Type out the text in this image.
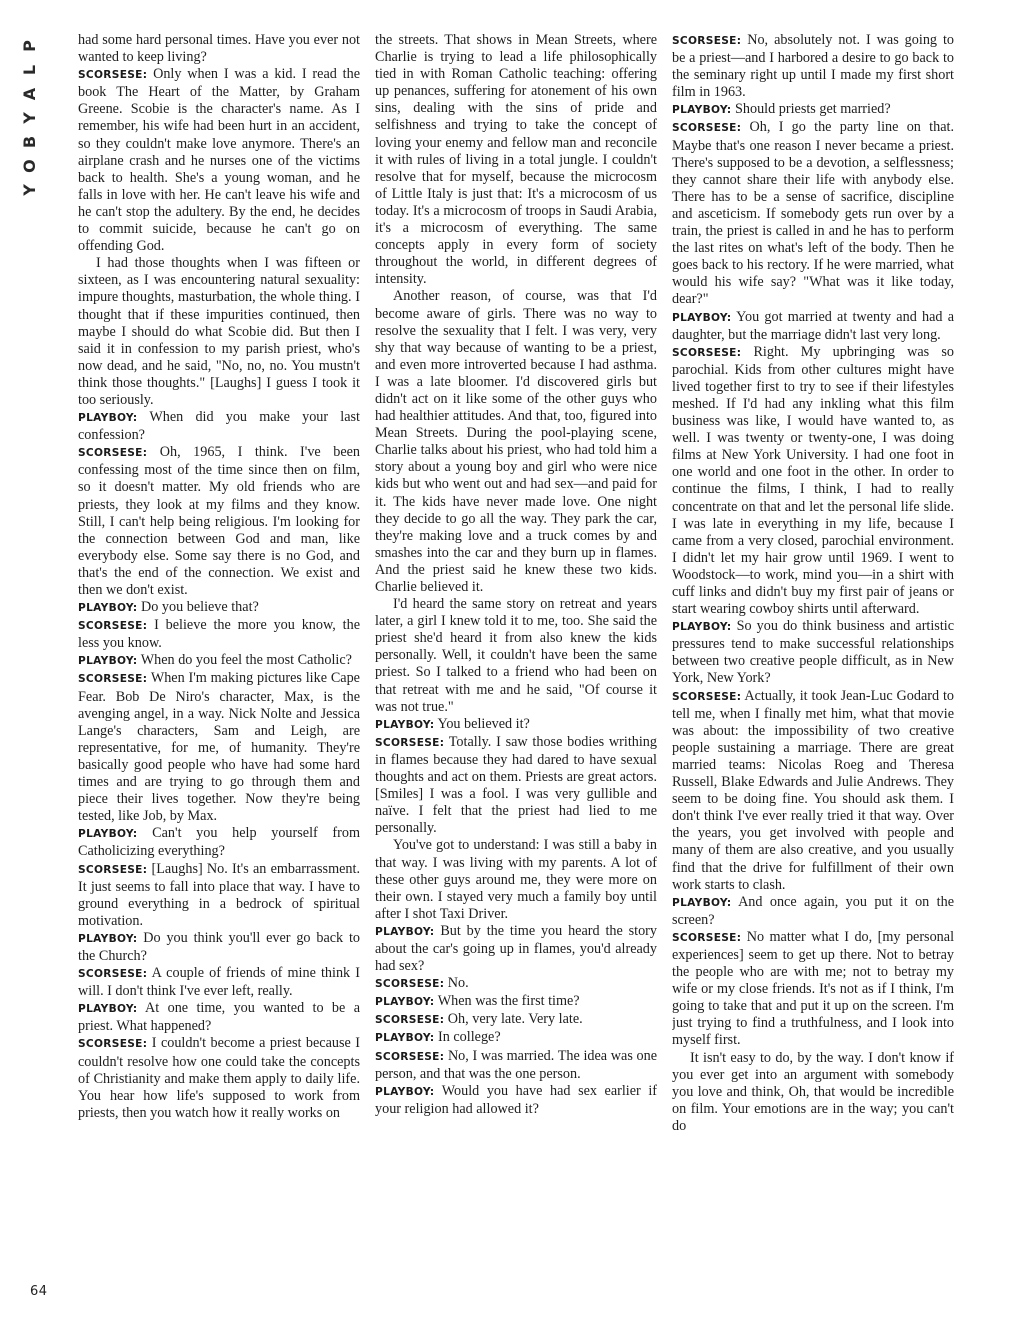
P
L
A
Y
B
O
Y
64

had some hard personal times. Have you ever not wanted to keep living?

SCORSESE: Only when I was a kid. I read the book The Heart of the Matter, by Graham Greene. Scobie is the character's name. As I remember, his wife had been hurt in an accident, so they couldn't make love anymore. There's an airplane crash and he nurses one of the victims back to health. She's a young woman, and he falls in love with her. He can't leave his wife and he can't stop the adultery. By the end, he decides to commit suicide, because he can't go on offending God.

I had those thoughts when I was fifteen or sixteen, as I was encountering natural sexuality: impure thoughts, masturbation, the whole thing. I thought that if these impurities continued, then maybe I should do what Scobie did. But then I said it in confession to my parish priest, who's now dead, and he said, "No, no, no. You mustn't think those thoughts." [Laughs] I guess I took it too seriously.

PLAYBOY: When did you make your last confession?

SCORSESE: Oh, 1965, I think. I've been confessing most of the time since then on film, so it doesn't matter. My old friends who are priests, they look at my films and they know. Still, I can't help being religious. I'm looking for the connection between God and man, like everybody else. Some say there is no God, and that's the end of the connection. We exist and then we don't exist.

PLAYBOY: Do you believe that?

SCORSESE: I believe the more you know, the less you know.

PLAYBOY: When do you feel the most Catholic?

SCORSESE: When I'm making pictures like Cape Fear. Bob De Niro's character, Max, is the avenging angel, in a way. Nick Nolte and Jessica Lange's characters, Sam and Leigh, are representative, for me, of humanity. They're basically good people who have had some hard times and are trying to go through them and piece their lives together. Now they're being tested, like Job, by Max.

PLAYBOY: Can't you help yourself from Catholicizing everything?

SCORSESE: [Laughs] No. It's an embarrassment. It just seems to fall into place that way. I have to ground everything in a bedrock of spiritual motivation.

PLAYBOY: Do you think you'll ever go back to the Church?

SCORSESE: A couple of friends of mine think I will. I don't think I've ever left, really.

PLAYBOY: At one time, you wanted to be a priest. What happened?

SCORSESE: I couldn't become a priest because I couldn't resolve how one could take the concepts of Christianity and make them apply to daily life. You hear how life's supposed to work from priests, then you watch how it really works on

the streets. That shows in Mean Streets, where Charlie is trying to lead a life philosophically tied in with Roman Catholic teaching: offering up penances, suffering for atonement of his own sins, dealing with the sins of pride and selfishness and trying to take the concept of loving your enemy and fellow man and reconcile it with rules of living in a total jungle. I couldn't resolve that for myself, because the microcosm of Little Italy is just that: It's a microcosm of us today. It's a microcosm of troops in Saudi Arabia, it's a microcosm of everything. The same concepts apply in every form of society throughout the world, in different degrees of intensity.

Another reason, of course, was that I'd become aware of girls. There was no way to resolve the sexuality that I felt. I was very, very shy that way because of wanting to be a priest, and even more introverted because I had asthma. I was a late bloomer. I'd discovered girls but didn't act on it like some of the other guys who had healthier attitudes. And that, too, figured into Mean Streets. During the pool-playing scene, Charlie talks about his priest, who had told him a story about a young boy and girl who were nice kids but who went out and had sex—and paid for it. The kids have never made love. One night they decide to go all the way. They park the car, they're making love and a truck comes by and smashes into the car and they burn up in flames. And the priest said he knew these two kids. Charlie believed it.

I'd heard the same story on retreat and years later, a girl I knew told it to me, too. She said the priest she'd heard it from also knew the kids personally. Well, it couldn't have been the same priest. So I talked to a friend who had been on that retreat with me and he said, "Of course it was not true."

PLAYBOY: You believed it?

SCORSESE: Totally. I saw those bodies writhing in flames because they had dared to have sexual thoughts and act on them. Priests are great actors. [Smiles] I was a fool. I was very gullible and naïve. I felt that the priest had lied to me personally.

You've got to understand: I was still a baby in that way. I was living with my parents. A lot of these other guys around me, they were more on their own. I stayed very much a family boy until after I shot Taxi Driver.

PLAYBOY: But by the time you heard the story about the car's going up in flames, you'd already had sex?

SCORSESE: No.

PLAYBOY: When was the first time?

SCORSESE: Oh, very late. Very late.

PLAYBOY: In college?

SCORSESE: No, I was married. The idea was one person, and that was the one person.

PLAYBOY: Would you have had sex earlier if your religion had allowed it?

SCORSESE: No, absolutely not. I was going to be a priest—and I harbored a desire to go back to the seminary right up until I made my first short film in 1963.

PLAYBOY: Should priests get married?

SCORSESE: Oh, I go the party line on that. Maybe that's one reason I never became a priest. There's supposed to be a devotion, a selflessness; they cannot share their life with anybody else. There has to be a sense of sacrifice, discipline and asceticism. If somebody gets run over by a train, the priest is called in and he has to perform the last rites on what's left of the body. Then he goes back to his rectory. If he were married, what would his wife say? "What was it like today, dear?"

PLAYBOY: You got married at twenty and had a daughter, but the marriage didn't last very long.

SCORSESE: Right. My upbringing was so parochial. Kids from other cultures might have lived together first to try to see if their lifestyles meshed. If I'd had any inkling what this film business was like, I would have wanted to, as well. I was twenty or twenty-one, I was doing films at New York University. I had one foot in one world and one foot in the other. In order to continue the films, I think, I had to really concentrate on that and let the personal life slide. I was late in everything in my life, because I came from a very closed, parochial environment. I didn't let my hair grow until 1969. I went to Woodstock—to work, mind you—in a shirt with cuff links and didn't buy my first pair of jeans or start wearing cowboy shirts until afterward.

PLAYBOY: So you do think business and artistic pressures tend to make successful relationships between two creative people difficult, as in New York, New York?

SCORSESE: Actually, it took Jean-Luc Godard to tell me, when I finally met him, what that movie was about: the impossibility of two creative people sustaining a marriage. There are great married teams: Nicolas Roeg and Theresa Russell, Blake Edwards and Julie Andrews. They seem to be doing fine. You should ask them. I don't think I've ever really tried it that way. Over the years, you get involved with people and many of them are also creative, and you usually find that the drive for fulfillment of their own work starts to clash.

PLAYBOY: And once again, you put it on the screen?

SCORSESE: No matter what I do, [my personal experiences] seem to get up there. Not to betray the people who are with me; not to betray my wife or my close friends. It's not as if I think, I'm going to take that and put it up on the screen. I'm just trying to find a truthfulness, and I look into myself first.

It isn't easy to do, by the way. I don't know if you ever get into an argument with somebody you love and think, Oh, that would be incredible on film. Your emotions are in the way; you can't do
